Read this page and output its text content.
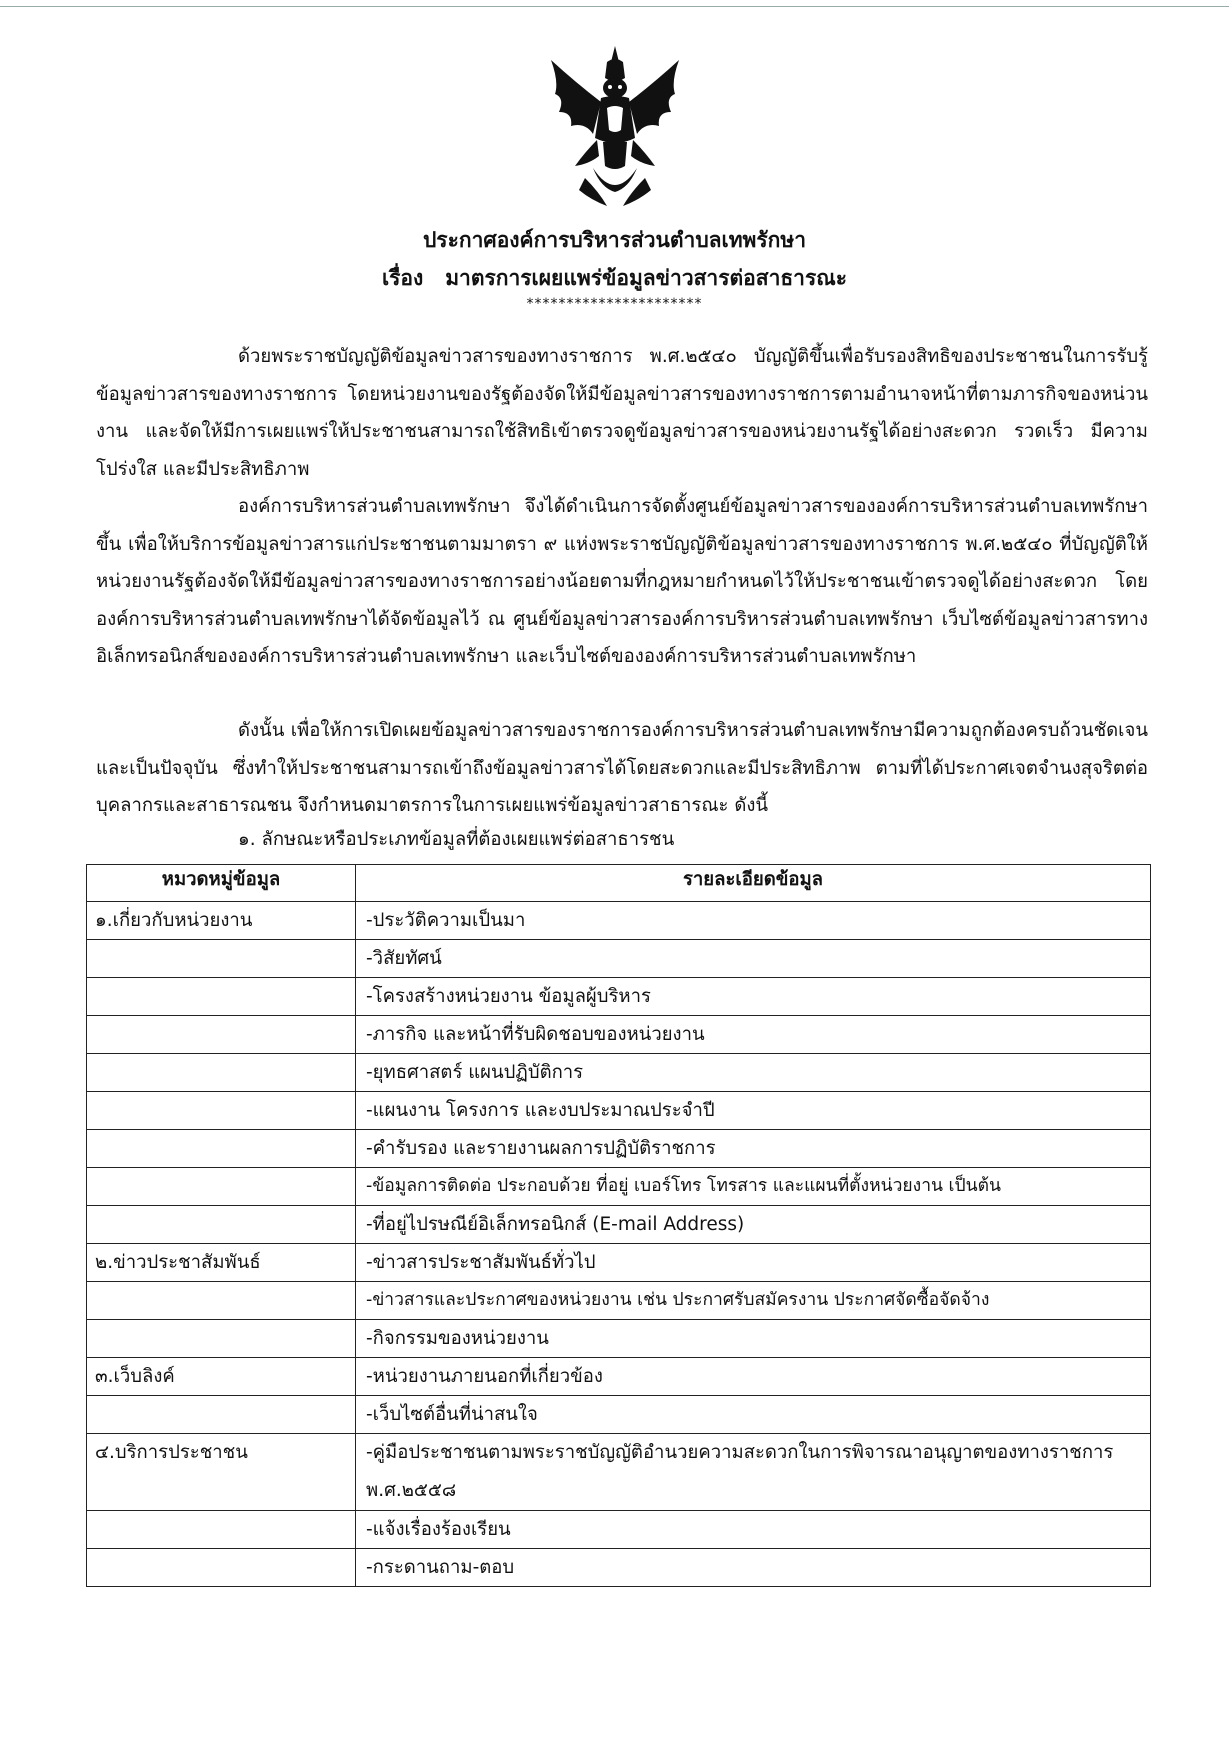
ประกาศองค์การบริหารส่วนตำบลเทพรักษา
เรื่อง มาตรการเผยแพร่ข้อมูลข่าวสารต่อสาธารณะ
**********************

ด้วยพระราชบัญญัติข้อมูลข่าวสารของทางราชการ พ.ศ.๒๕๔๐ บัญญัติขึ้นเพื่อรับรองสิทธิของประชาชนในการรับรู้ข้อมูลข่าวสารของทางราชการ โดยหน่วยงานของรัฐต้องจัดให้มีข้อมูลข่าวสารของทางราชการตามอำนาจหน้าที่ตามภารกิจของหน่วนงาน และจัดให้มีการเผยแพร่ให้ประชาชนสามารถใช้สิทธิเข้าตรวจดูข้อมูลข่าวสารของหน่วยงานรัฐได้อย่างสะดวก รวดเร็ว มีความโปร่งใส และมีประสิทธิภาพ

องค์การบริหารส่วนตำบลเทพรักษา จึงได้ดำเนินการจัดตั้งศูนย์ข้อมูลข่าวสารขององค์การบริหารส่วนตำบลเทพรักษาขึ้น เพื่อให้บริการข้อมูลข่าวสารแก่ประชาชนตามมาตรา ๙ แห่งพระราชบัญญัติข้อมูลข่าวสารของทางราชการ พ.ศ.๒๕๔๐ ที่บัญญัติให้หน่วยงานรัฐต้องจัดให้มีข้อมูลข่าวสารของทางราชการอย่างน้อยตามที่กฎหมายกำหนดไว้ให้ประชาชนเข้าตรวจดูได้อย่างสะดวก โดยองค์การบริหารส่วนตำบลเทพรักษาได้จัดข้อมูลไว้ ณ ศูนย์ข้อมูลข่าวสารองค์การบริหารส่วนตำบลเทพรักษา เว็บไซต์ข้อมูลข่าวสารทางอิเล็กทรอนิกส์ขององค์การบริหารส่วนตำบลเทพรักษา และเว็บไซต์ขององค์การบริหารส่วนตำบลเทพรักษา

ดังนั้น เพื่อให้การเปิดเผยข้อมูลข่าวสารของราชการองค์การบริหารส่วนตำบลเทพรักษามีความถูกต้องครบถ้วนชัดเจน และเป็นปัจจุบัน ซึ่งทำให้ประชาชนสามารถเข้าถึงข้อมูลข่าวสารได้โดยสะดวกและมีประสิทธิภาพ ตามที่ได้ประกาศเจตจำนงสุจริตต่อบุคลากรและสาธารณชน จึงกำหนดมาตรการในการเผยแพร่ข้อมูลข่าวสาธารณะ ดังนี้

๑. ลักษณะหรือประเภทข้อมูลที่ต้องเผยแพร่ต่อสาธารชน
หมวดหมู่ข้อมูล	รายละเอียดข้อมูล
๑.เกี่ยวกับหน่วยงาน	-ประวัติความเป็นมา
	-วิสัยทัศน์
	-โครงสร้างหน่วยงาน ข้อมูลผู้บริหาร
	-ภารกิจ และหน้าที่รับผิดชอบของหน่วยงาน
	-ยุทธศาสตร์ แผนปฏิบัติการ
	-แผนงาน โครงการ และงบประมาณประจำปี
	-คำรับรอง และรายงานผลการปฏิบัติราชการ
	-ข้อมูลการติดต่อ ประกอบด้วย ที่อยู่ เบอร์โทร โทรสาร และแผนที่ตั้งหน่วยงาน เป็นต้น
	-ที่อยู่ไปรษณีย์อิเล็กทรอนิกส์ (E-mail Address)
๒.ข่าวประชาสัมพันธ์	-ข่าวสารประชาสัมพันธ์ทั่วไป
	-ข่าวสารและประกาศของหน่วยงาน เช่น ประกาศรับสมัครงาน ประกาศจัดซื้อจัดจ้าง
	-กิจกรรมของหน่วยงาน
๓.เว็บลิงค์	-หน่วยงานภายนอกที่เกี่ยวข้อง
	-เว็บไซต์อื่นที่น่าสนใจ
๔.บริการประชาชน	-คู่มือประชาชนตามพระราชบัญญัติอำนวยความสะดวกในการพิจารณาอนุญาตของทางราชการ พ.ศ.๒๕๕๘
	-แจ้งเรื่องร้องเรียน
	-กระดานถาม-ตอบ
